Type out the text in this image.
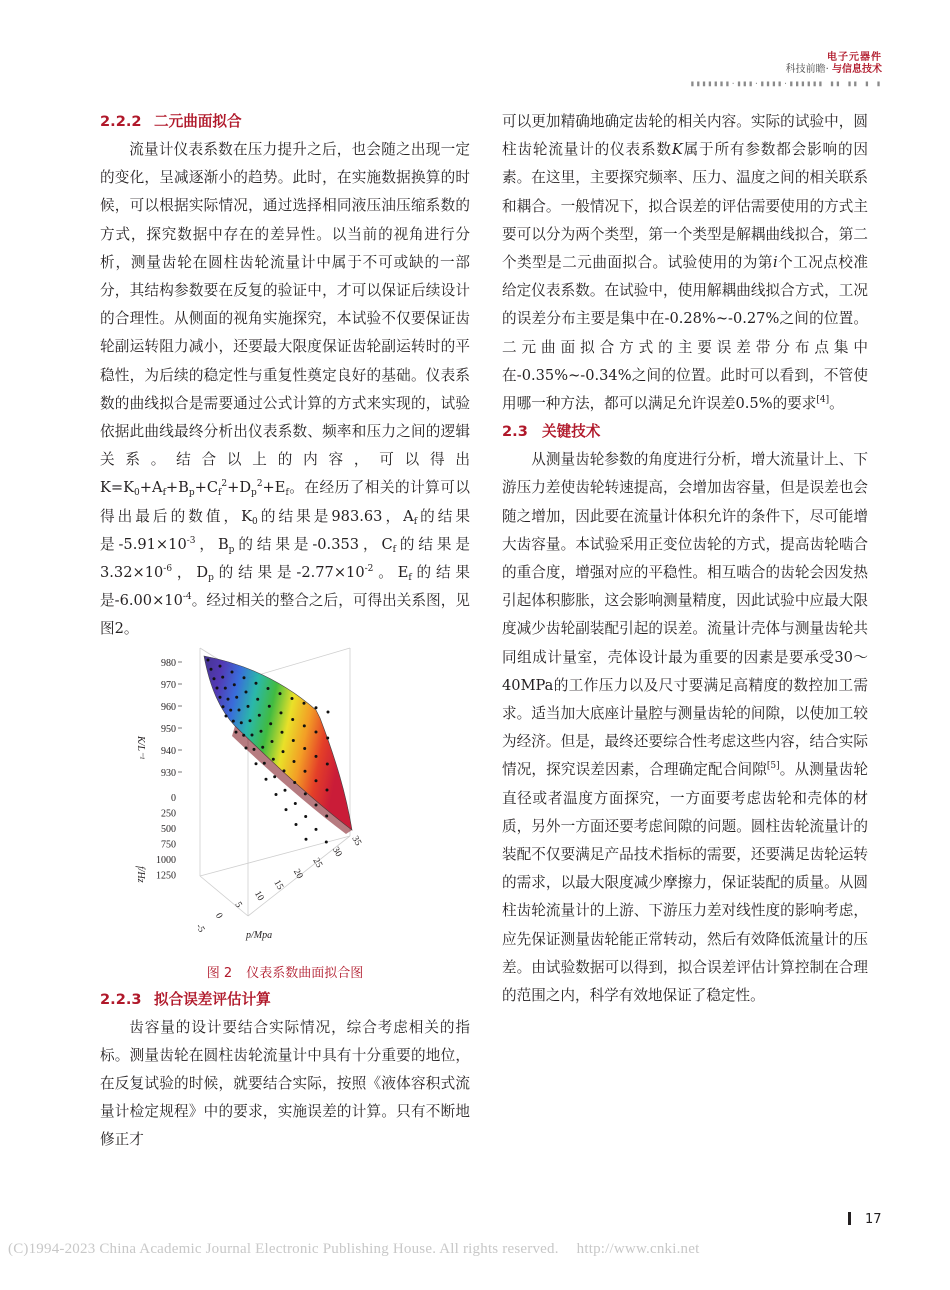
电子元器件
科技前瞻· 与信息技术
▮▮▮▮▮▮▮·▮▮▮·▮▮▮▮·▮▮▮▮▮▮ ▮▮ ▮▮ ▮ ▮
2.2.2 二元曲面拟合

流量计仪表系数在压力提升之后，也会随之出现一定的变化，呈减逐渐小的趋势。此时，在实施数据换算的时候，可以根据实际情况，通过选择相同液压油压缩系数的方式，探究数据中存在的差异性。以当前的视角进行分析，测量齿轮在圆柱齿轮流量计中属于不可或缺的一部分，其结构参数要在反复的验证中，才可以保证后续设计的合理性。从侧面的视角实施探究，本试验不仅要保证齿轮副运转阻力减小，还要最大限度保证齿轮副运转时的平稳性，为后续的稳定性与重复性奠定良好的基础。仪表系数的曲线拟合是需要通过公式计算的方式来实现的，试验依据此曲线最终分析出仪表系数、频率和压力之间的逻辑关系。结合以上的内容，可以得出$K=K_0+A_f+B_p+C_f^2+D_p^2+E_f$。在经历了相关的计算可以得出最后的数值，$K_0$的结果是983.63，$A_f$的结果是$-5.91\times 10^{-3}$，$B_p$的结果是-0.353，$C_f$的结果是$3.32\times 10^{-6}$，$D_p$的结果是$-2.77\times 10^{-2}$。$E_f$的结果是$-6.00\times 10^{-4}$。经过相关的整合之后，可得出关系图，见图2。

980
970
960
950
940
930
K/L⁻¹
0
250
500
750
1000
1250
f/Hz
-5
0
5
10
15
20
25
30
35
p/Mpa
图 2 仪表系数曲面拟合图
2.2.3 拟合误差评估计算

齿容量的设计要结合实际情况，综合考虑相关的指标。测量齿轮在圆柱齿轮流量计中具有十分重要的地位，在反复试验的时候，就要结合实际，按照《液体容积式流量计检定规程》中的要求，实施误差的计算。只有不断地修正才

可以更加精确地确定齿轮的相关内容。实际的试验中，圆柱齿轮流量计的仪表系数K属于所有参数都会影响的因素。在这里，主要探究频率、压力、温度之间的相关联系和耦合。一般情况下，拟合误差的评估需要使用的方式主要可以分为两个类型，第一个类型是解耦曲线拟合，第二个类型是二元曲面拟合。试验使用的为第i个工况点校准给定仪表系数。在试验中，使用解耦曲线拟合方式，工况的误差分布主要是集中在-0.28%~-0.27%之间的位置。二元曲面拟合方式的主要误差带分布点集中在-0.35%~-0.34%之间的位置。此时可以看到，不管使用哪一种方法，都可以满足允许误差0.5%的要求[4]。

2.3 关键技术

从测量齿轮参数的角度进行分析，增大流量计上、下游压力差使齿轮转速提高，会增加齿容量，但是误差也会随之增加，因此要在流量计体积允许的条件下，尽可能增大齿容量。本试验采用正变位齿轮的方式，提高齿轮啮合的重合度，增强对应的平稳性。相互啮合的齿轮会因发热引起体积膨胀，这会影响测量精度，因此试验中应最大限度减少齿轮副装配引起的误差。流量计壳体与测量齿轮共同组成计量室，壳体设计最为重要的因素是要承受30～40MPa的工作压力以及尺寸要满足高精度的数控加工需求。适当加大底座计量腔与测量齿轮的间隙，以使加工较为经济。但是，最终还要综合性考虑这些内容，结合实际情况，探究误差因素，合理确定配合间隙[5]。从测量齿轮直径或者温度方面探究，一方面要考虑齿轮和壳体的材质，另外一方面还要考虑间隙的问题。圆柱齿轮流量计的装配不仅要满足产品技术指标的需要，还要满足齿轮运转的需求，以最大限度减少摩擦力，保证装配的质量。从圆柱齿轮流量计的上游、下游压力差对线性度的影响考虑，应先保证测量齿轮能正常转动，然后有效降低流量计的压差。由试验数据可以得到，拟合误差评估计算控制在合理的范围之内，科学有效地保证了稳定性。

17
(C)1994-2023 China Academic Journal Electronic Publishing House. All rights reserved. http://www.cnki.net
